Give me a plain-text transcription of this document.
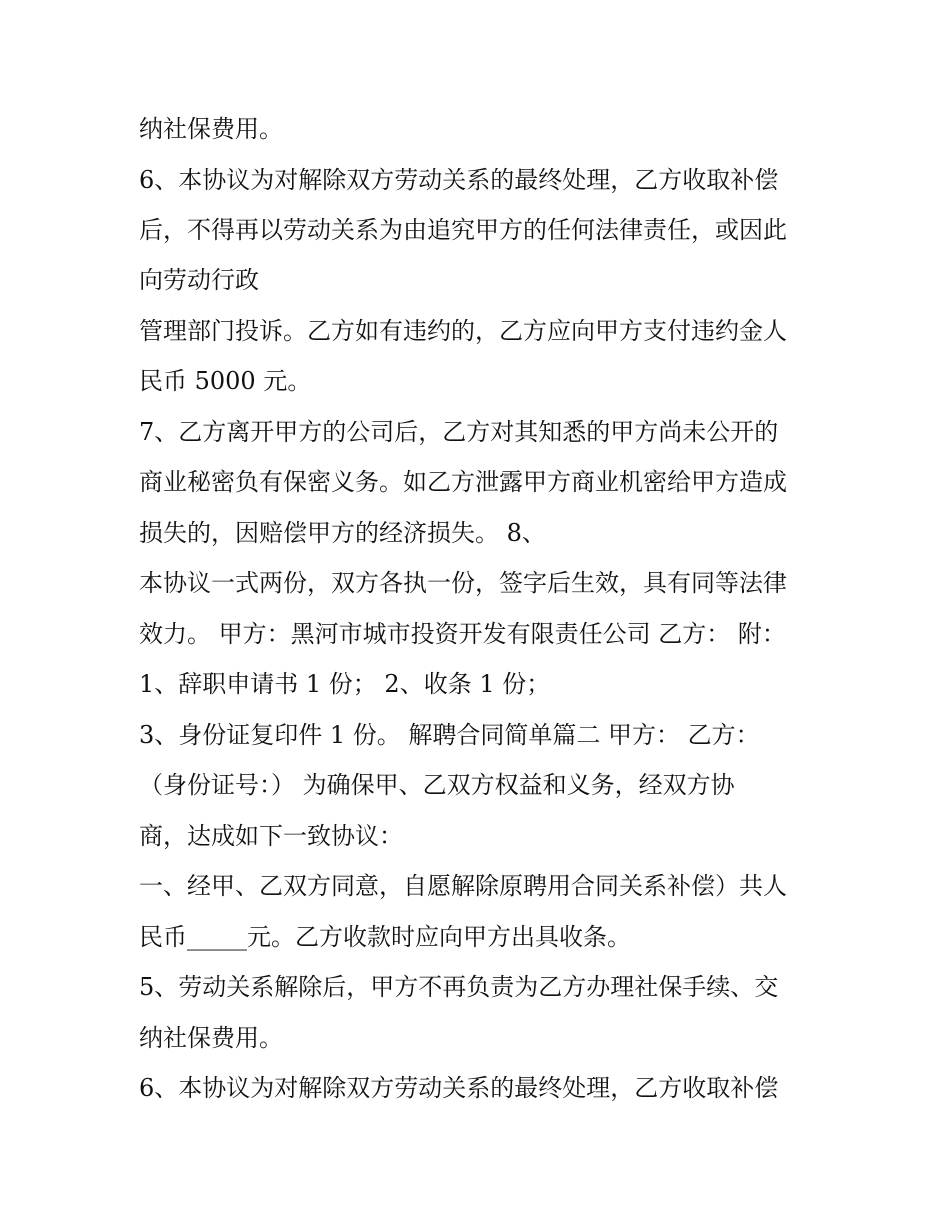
纳社保费用。

6、本协议为对解除双方劳动关系的最终处理，乙方收取补偿

后，不得再以劳动关系为由追究甲方的任何法律责任，或因此

向劳动行政

管理部门投诉。乙方如有违约的，乙方应向甲方支付违约金人

民币 5000 元。

7、乙方离开甲方的公司后，乙方对其知悉的甲方尚未公开的

商业秘密负有保密义务。如乙方泄露甲方商业机密给甲方造成

损失的，因赔偿甲方的经济损失。 8、

本协议一式两份，双方各执一份，签字后生效，具有同等法律

效力。 甲方：黑河市城市投资开发有限责任公司 乙方： 附：

1、辞职申请书 1 份； 2、收条 1 份；

3、身份证复印件 1 份。 解聘合同简单篇二 甲方： 乙方：

（身份证号：） 为确保甲、乙双方权益和义务，经双方协

商，达成如下一致协议：

一、经甲、乙双方同意，自愿解除原聘用合同关系补偿）共人

民币_____元。乙方收款时应向甲方出具收条。

5、劳动关系解除后，甲方不再负责为乙方办理社保手续、交

纳社保费用。

6、本协议为对解除双方劳动关系的最终处理，乙方收取补偿
